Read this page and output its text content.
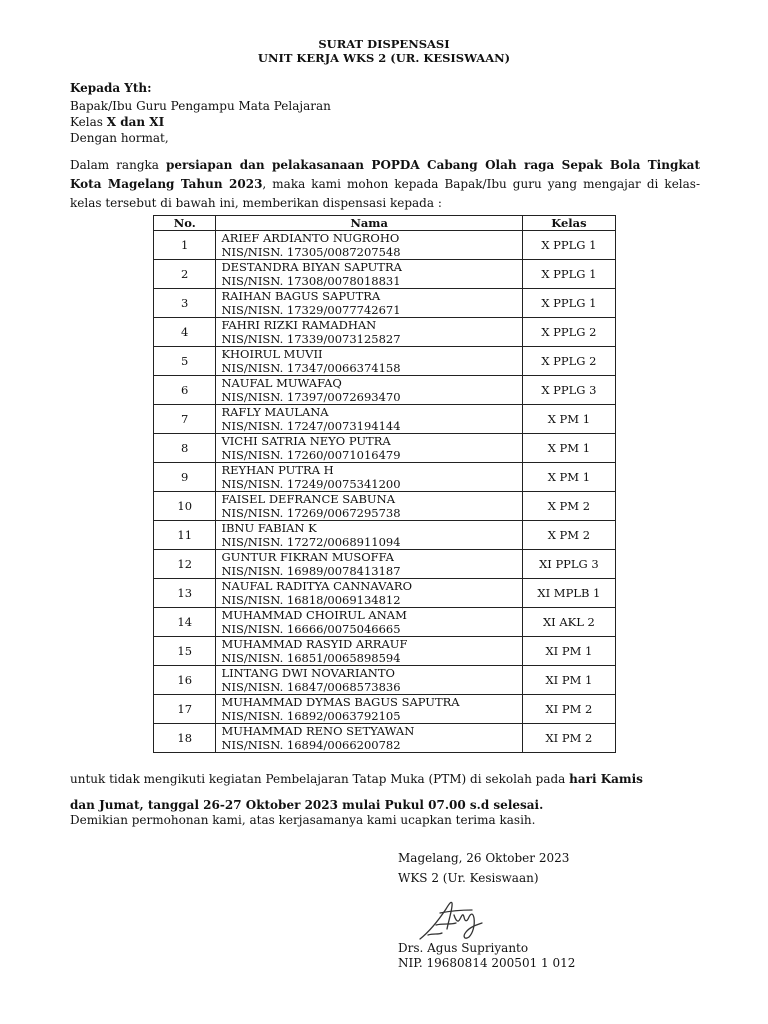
SURAT DISPENSASI
UNIT KERJA WKS 2 (UR. KESISWAAN)
Kepada Yth:
Bapak/Ibu Guru Pengampu Mata Pelajaran
Kelas X dan XI
Dengan hormat,
Dalam rangka persiapan dan pelakasanaan POPDA Cabang Olah raga Sepak Bola Tingkat Kota Magelang Tahun 2023, maka kami mohon kepada Bapak/Ibu guru yang mengajar di kelas-kelas tersebut di bawah ini, memberikan dispensasi kepada :
No.	Nama	Kelas
1	ARIEF ARDIANTO NUGROHO
NIS/NISN. 17305/0087207548	X PPLG 1
2	DESTANDRA BIYAN SAPUTRA
NIS/NISN. 17308/0078018831	X PPLG 1
3	RAIHAN BAGUS SAPUTRA
NIS/NISN. 17329/0077742671	X PPLG 1
4	FAHRI RIZKI RAMADHAN
NIS/NISN. 17339/0073125827	X PPLG 2
5	KHOIRUL MUVII
NIS/NISN. 17347/0066374158	X PPLG 2
6	NAUFAL MUWAFAQ
NIS/NISN. 17397/0072693470	X PPLG 3
7	RAFLY MAULANA
NIS/NISN. 17247/0073194144	X PM 1
8	VICHI SATRIA NEYO PUTRA
NIS/NISN. 17260/0071016479	X PM 1
9	REYHAN PUTRA H
NIS/NISN. 17249/0075341200	X PM 1
10	FAISEL DEFRANCE SABUNA
NIS/NISN. 17269/0067295738	X PM 2
11	IBNU FABIAN K
NIS/NISN. 17272/0068911094	X PM 2
12	GUNTUR FIKRAN MUSOFFA
NIS/NISN. 16989/0078413187	XI PPLG 3
13	NAUFAL RADITYA CANNAVARO
NIS/NISN. 16818/0069134812	XI MPLB 1
14	MUHAMMAD CHOIRUL ANAM
NIS/NISN. 16666/0075046665	XI AKL 2
15	MUHAMMAD RASYID ARRAUF
NIS/NISN. 16851/0065898594	XI PM 1
16	LINTANG DWI NOVARIANTO
NIS/NISN. 16847/0068573836	XI PM 1
17	MUHAMMAD DYMAS BAGUS SAPUTRA
NIS/NISN. 16892/0063792105	XI PM 2
18	MUHAMMAD RENO SETYAWAN
NIS/NISN. 16894/0066200782	XI PM 2
untuk tidak mengikuti kegiatan Pembelajaran Tatap Muka (PTM) di sekolah pada hari Kamis
dan Jumat, tanggal 26-27 Oktober 2023 mulai Pukul 07.00 s.d selesai.
Demikian permohonan kami, atas kerjasamanya kami ucapkan terima kasih.
Magelang, 26 Oktober 2023
WKS 2 (Ur. Kesiswaan)
Drs. Agus Supriyanto
NIP. 19680814 200501 1 012
